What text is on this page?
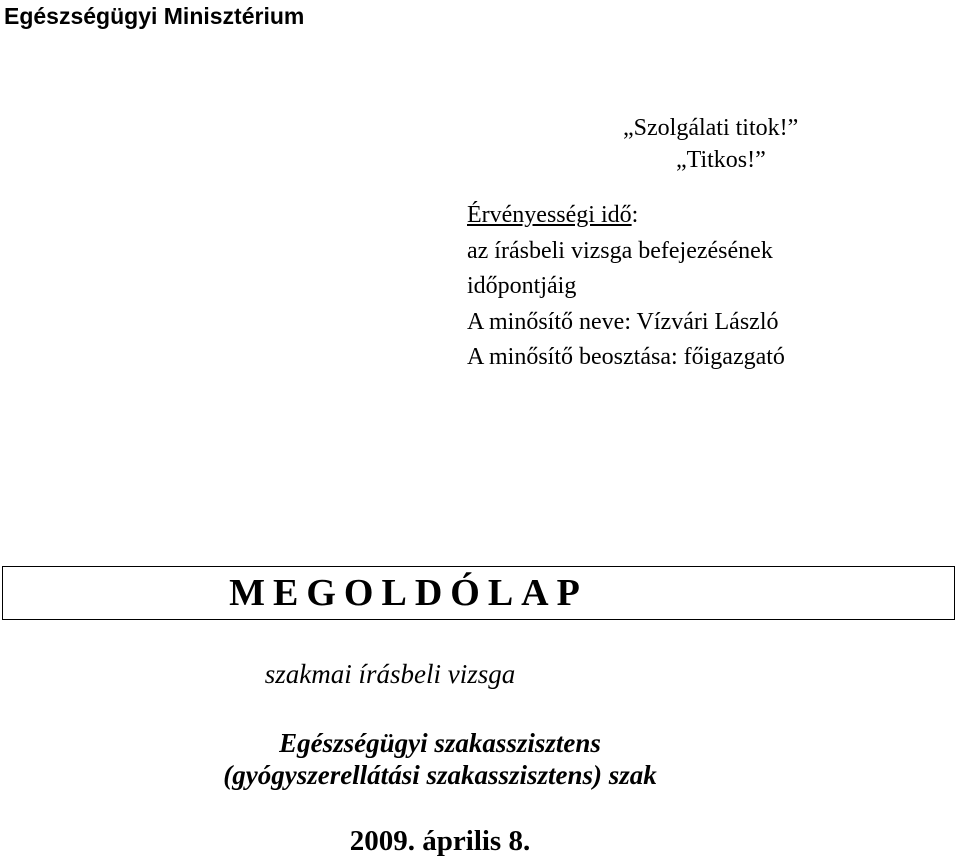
Egészségügyi Minisztérium
„Szolgálati titok!”
„Titkos!”
Érvényességi idő:
az írásbeli vizsga befejezésének
időpontjáig
A minősítő neve: Vízvári László
A minősítő beosztása: főigazgató
MEGOLDÓLAP
szakmai írásbeli vizsga
Egészségügyi szakasszisztens
(gyógyszerellátási szakasszisztens) szak
2009. április 8.
